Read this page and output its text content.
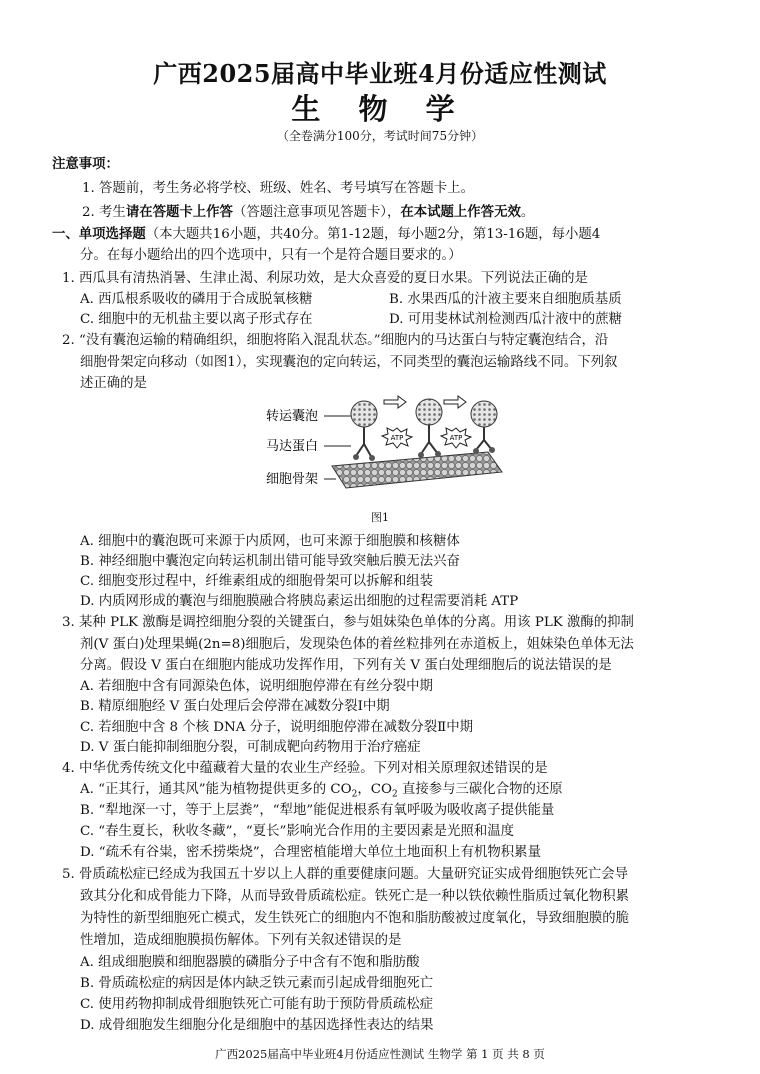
广西2025届高中毕业班4月份适应性测试
生 物 学
（全卷满分100分，考试时间75分钟）
注意事项：
1. 答题前，考生务必将学校、班级、姓名、考号填写在答题卡上。
2. 考生请在答题卡上作答（答题注意事项见答题卡），在本试题上作答无效。
一、单项选择题（本大题共16小题，共40分。第1-12题，每小题2分，第13-16题，每小题4
分。在每小题给出的四个选项中，只有一个是符合题目要求的。）
1. 西瓜具有清热消暑、生津止渴、利尿功效，是大众喜爱的夏日水果。下列说法正确的是
A. 西瓜根系吸收的磷用于合成脱氧核糖	B. 水果西瓜的汁液主要来自细胞质基质
C. 细胞中的无机盐主要以离子形式存在	D. 可用斐林试剂检测西瓜汁液中的蔗糖
2. “没有囊泡运输的精确组织，细胞将陷入混乱状态。”细胞内的马达蛋白与特定囊泡结合，沿
细胞骨架定向移动（如图1），实现囊泡的定向转运，不同类型的囊泡运输路线不同。下列叙
述正确的是
转运囊泡
马达蛋白
细胞骨架
ATP	ATP
图1
A. 细胞中的囊泡既可来源于内质网，也可来源于细胞膜和核糖体
B. 神经细胞中囊泡定向转运机制出错可能导致突触后膜无法兴奋
C. 细胞变形过程中，纤维素组成的细胞骨架可以拆解和组装
D. 内质网形成的囊泡与细胞膜融合将胰岛素运出细胞的过程需要消耗 ATP
3. 某种 PLK 激酶是调控细胞分裂的关键蛋白，参与姐妹染色单体的分离。用该 PLK 激酶的抑制
剂(V 蛋白)处理果蝇(2n=8)细胞后，发现染色体的着丝粒排列在赤道板上，姐妹染色单体无法
分离。假设 V 蛋白在细胞内能成功发挥作用，下列有关 V 蛋白处理细胞后的说法错误的是
A. 若细胞中含有同源染色体，说明细胞停滞在有丝分裂中期
B. 精原细胞经 V 蛋白处理后会停滞在减数分裂Ⅰ中期
C. 若细胞中含 8 个核 DNA 分子，说明细胞停滞在减数分裂Ⅱ中期
D. V 蛋白能抑制细胞分裂，可制成靶向药物用于治疗癌症
4. 中华优秀传统文化中蕴藏着大量的农业生产经验。下列对相关原理叙述错误的是
A. “正其行，通其风”能为植物提供更多的 $CO_2$，$CO_2$ 直接参与三碳化合物的还原
B. “犁地深一寸，等于上层粪”，“犁地”能促进根系有氧呼吸为吸收离子提供能量
C. “春生夏长，秋收冬藏”，“夏长”影响光合作用的主要因素是光照和温度
D. “疏禾有谷粜，密禾捞柴烧”，合理密植能增大单位土地面积上有机物积累量
5. 骨质疏松症已经成为我国五十岁以上人群的重要健康问题。大量研究证实成骨细胞铁死亡会导
致其分化和成骨能力下降，从而导致骨质疏松症。铁死亡是一种以铁依赖性脂质过氧化物积累
为特性的新型细胞死亡模式，发生铁死亡的细胞内不饱和脂肪酸被过度氧化，导致细胞膜的脆
性增加，造成细胞膜损伤解体。下列有关叙述错误的是
A. 组成细胞膜和细胞器膜的磷脂分子中含有不饱和脂肪酸
B. 骨质疏松症的病因是体内缺乏铁元素而引起成骨细胞死亡
C. 使用药物抑制成骨细胞铁死亡可能有助于预防骨质疏松症
D. 成骨细胞发生细胞分化是细胞中的基因选择性表达的结果
广西2025届高中毕业班4月份适应性测试 生物学 第 1 页 共 8 页
